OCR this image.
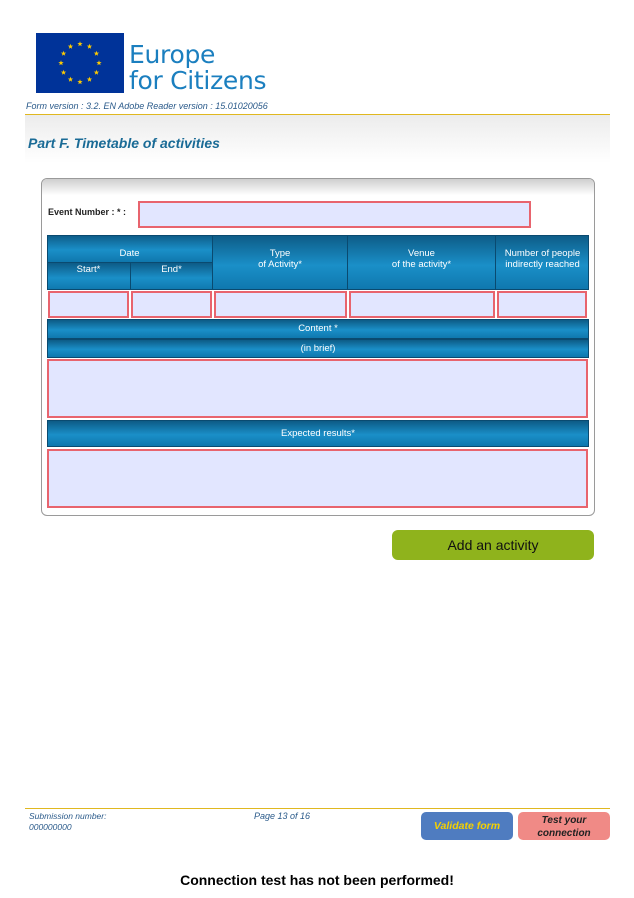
Europe
for Citizens
Form version : 3.2. EN Adobe Reader version : 15.01020056
Part F. Timetable of activities
Event Number : * :
Date
Start*	End*
Type
of Activity*
Venue
of the activity*
Number of people
indirectly reached
Content *
(in brief)
Expected results*
Add an activity
Submission number:
000000000
Page 13 of 16
Validate form	Test your
connection
Connection test has not been performed!
